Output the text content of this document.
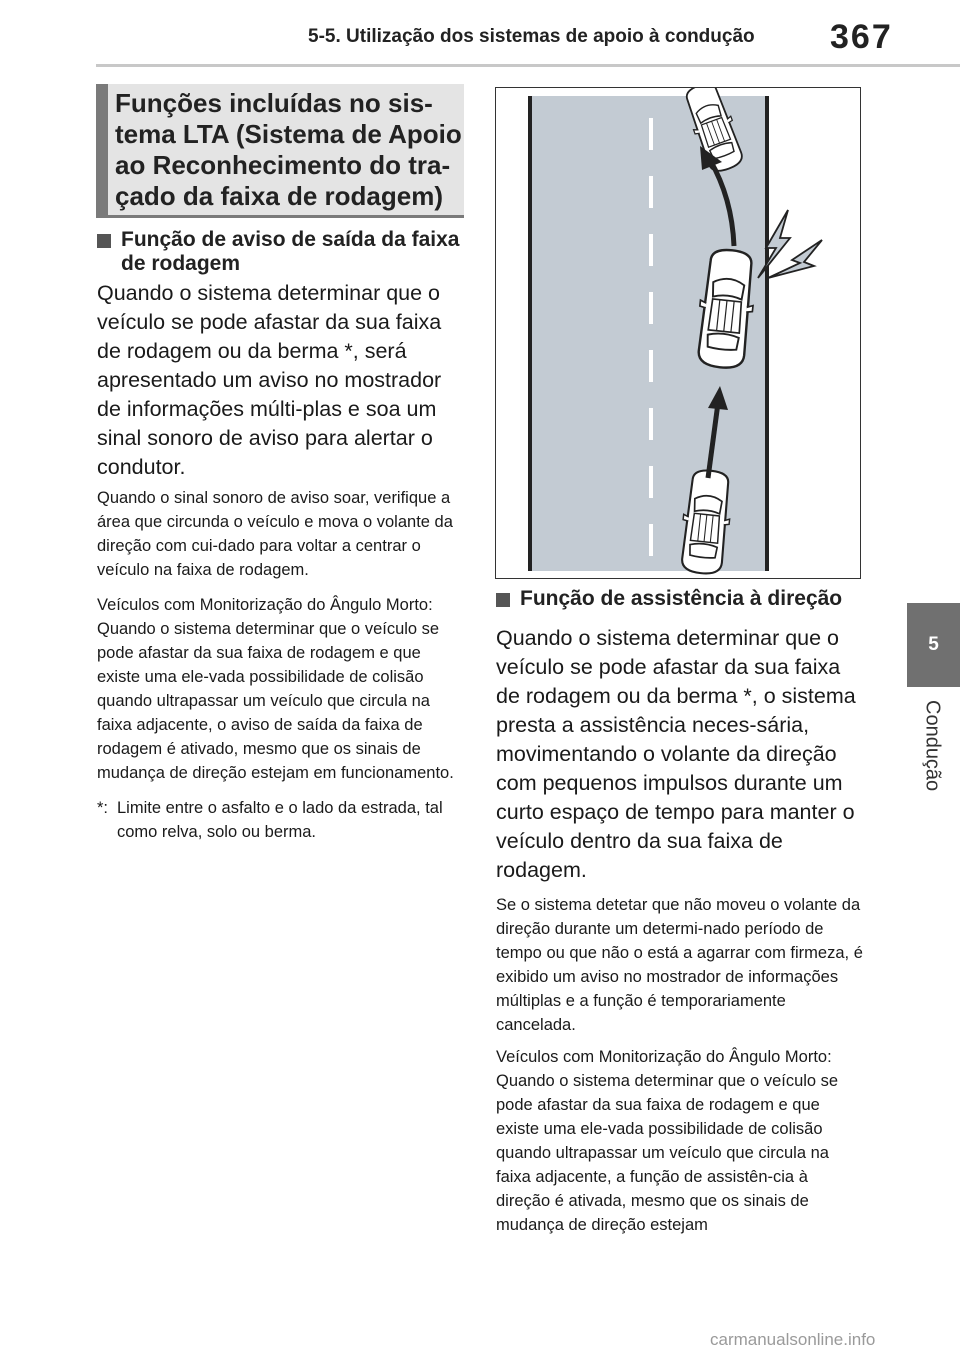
5-5. Utilização dos sistemas de apoio à condução 367
5
Condução
Funções incluídas no sis-
tema LTA (Sistema de Apoio
ao Reconhecimento do tra-
çado da faixa de rodagem)
Função de aviso de saída da faixa de rodagem

Quando o sistema determinar que o veículo se pode afastar da sua faixa de rodagem ou da berma *, será apresentado um aviso no mostrador de informações múlti-plas e soa um sinal sonoro de aviso para alertar o condutor.

Quando o sinal sonoro de aviso soar, verifique a área que circunda o veículo e mova o volante da direção com cui-dado para voltar a centrar o veículo na faixa de rodagem.

Veículos com Monitorização do Ângulo Morto: Quando o sistema determinar que o veículo se pode afastar da sua faixa de rodagem e que existe uma ele-vada possibilidade de colisão quando ultrapassar um veículo que circula na faixa adjacente, o aviso de saída da faixa de rodagem é ativado, mesmo que os sinais de mudança de direção estejam em funcionamento.

*: Limite entre o asfalto e o lado da estrada, tal como relva, solo ou berma.
Função de assistência à direção

Quando o sistema determinar que o veículo se pode afastar da sua faixa de rodagem ou da berma *, o sistema presta a assistência neces-sária, movimentando o volante da direção com pequenos impulsos durante um curto espaço de tempo para manter o veículo dentro da sua faixa de rodagem.

Se o sistema detetar que não moveu o volante da direção durante um determi-nado período de tempo ou que não o está a agarrar com firmeza, é exibido um aviso no mostrador de informações múltiplas e a função é temporariamente cancelada.

Veículos com Monitorização do Ângulo Morto: Quando o sistema determinar que o veículo se pode afastar da sua faixa de rodagem e que existe uma ele-vada possibilidade de colisão quando ultrapassar um veículo que circula na faixa adjacente, a função de assistên-cia à direção é ativada, mesmo que os sinais de mudança de direção estejam

carmanualsonline.info
